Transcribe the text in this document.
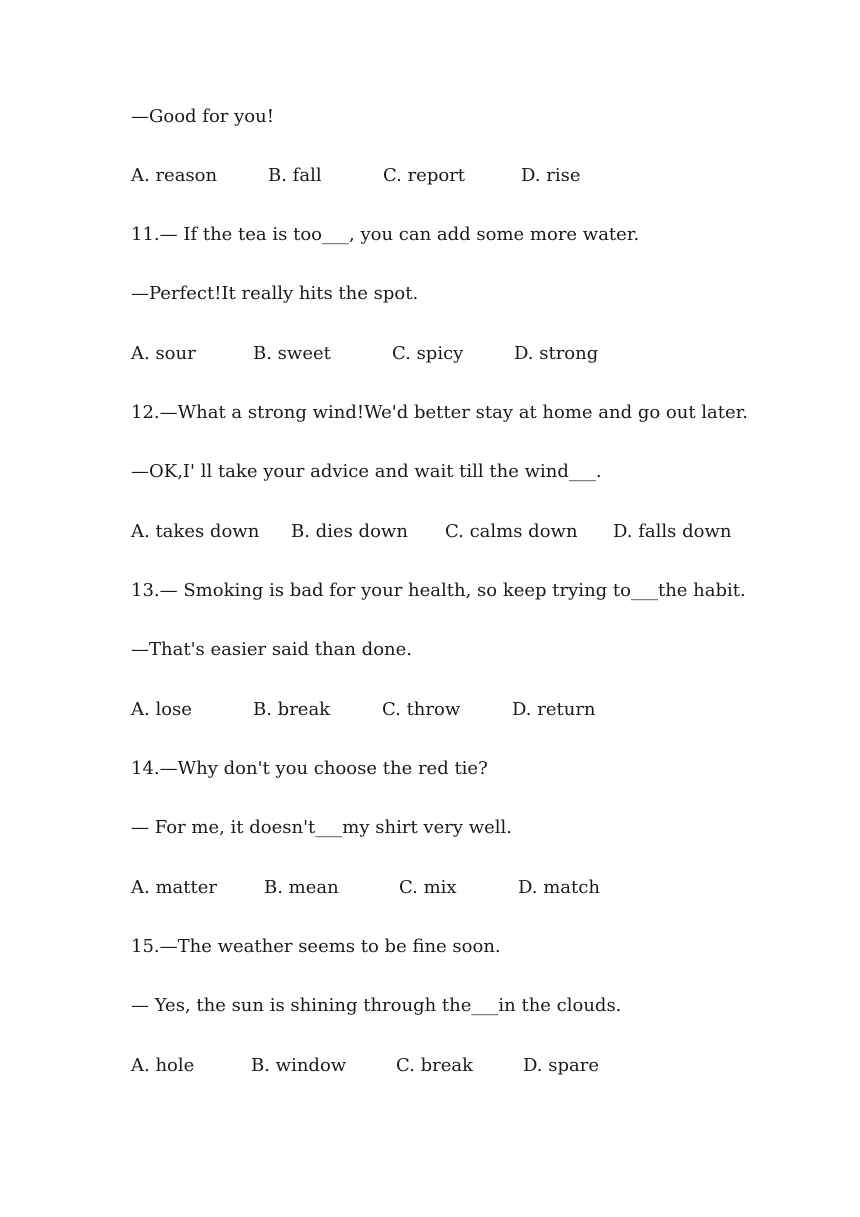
—Good for you!

A. reason

	B. fall

	C. report

	D. rise

11.— If the tea is too___, you can add some more water.
—Perfect!It really hits the spot.

A. sour

	B. sweet

	C. spicy

	D. strong

12.—What a strong wind!We'd better stay at home and go out later.
—OK,I' ll take your advice and wait till the wind___.

A. takes down

B. dies down

C. calms down

D. falls down

13.— Smoking is bad for your health, so keep trying to___the habit.
—That's easier said than done.

A. lose

	B. break

	C. throw

	D. return

14.—Why don't you choose the red tie?
— For me, it doesn't___my shirt very well.

A. matter

	B. mean

	C. mix

	D. match

15.—The weather seems to be fine soon.
— Yes, the sun is shining through the___in the clouds.

A. hole

	B. window

	C. break

	D. spare
